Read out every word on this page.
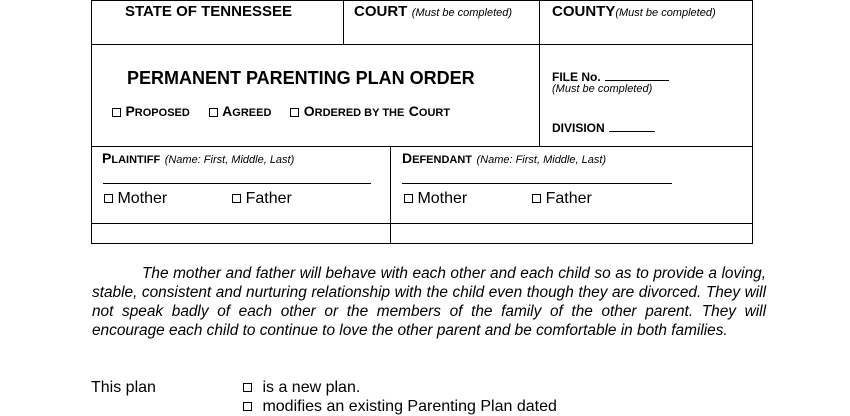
STATE OF TENNESSEE	COURT (Must be completed)	COUNTY(Must be completed)
PERMANENT PARENTING PLAN ORDER
PROPOSED AGREED ORDERED BY THE COURT
FILE No.
(Must be completed)
DIVISION
PLAINTIFF (Name: First, Middle, Last)
Mother	Father
DEFENDANT (Name: First, Middle, Last)
Mother	Father
The mother and father will behave with each other and each child so as to provide a loving, stable, consistent and nurturing relationship with the child even though they are divorced. They will not speak badly of each other or the members of the family of the other parent. They will encourage each child to continue to love the other parent and be comfortable in both families.
This plan	is a new plan.
modifies an existing Parenting Plan dated
